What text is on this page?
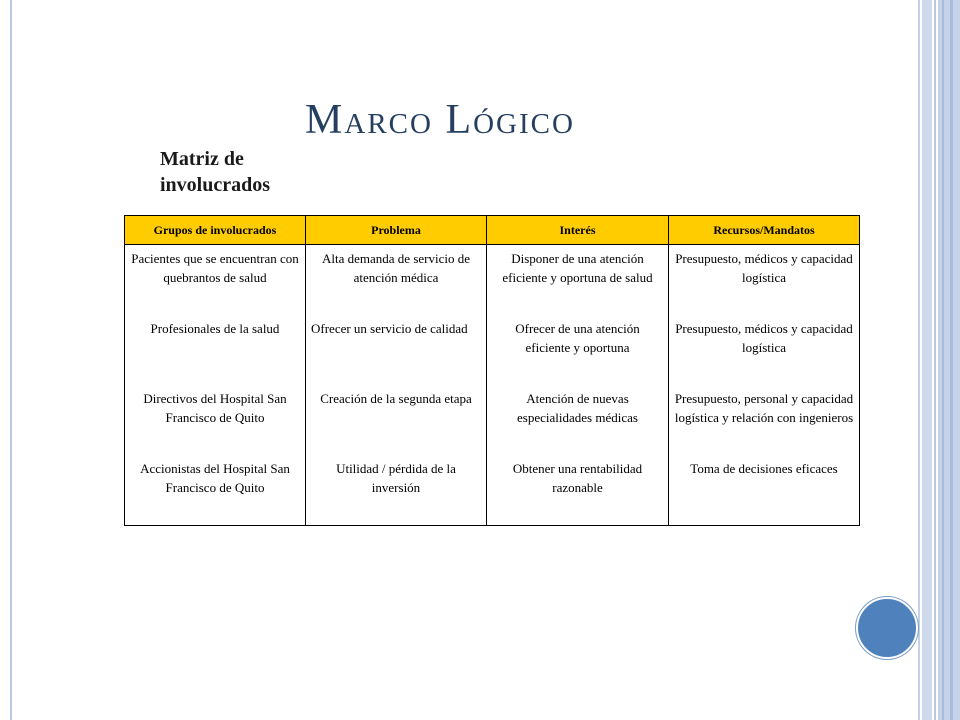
Marco Lógico
Matriz de involucrados
Grupos de involucrados	Problema	Interés	Recursos/Mandatos
Pacientes que se encuentran con quebrantos de salud	Alta demanda de servicio de atención médica	Disponer de una atención eficiente y oportuna de salud	Presupuesto, médicos y capacidad logística
Profesionales de la salud	Ofrecer un servicio de calidad	Ofrecer de una atención eficiente y oportuna	Presupuesto, médicos y capacidad logística
Directivos del Hospital San Francisco de Quito	Creación de la segunda etapa	Atención de nuevas especialidades médicas	Presupuesto, personal y capacidad logística y relación con ingenieros
Accionistas del Hospital San Francisco de Quito	Utilidad / pérdida de la inversión	Obtener una rentabilidad razonable	Toma de decisiones eficaces
